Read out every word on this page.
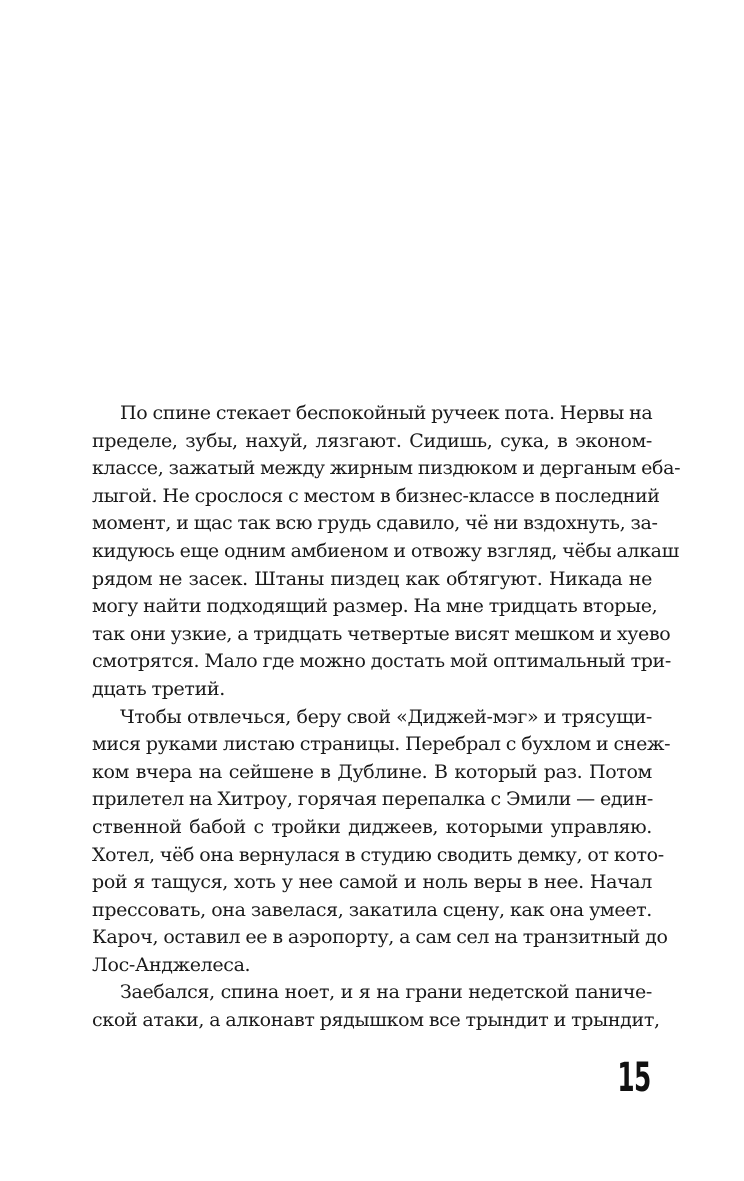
По спине стекает беспокойный ручеек пота. Нервы на
пределе, зубы, нахуй, лязгают. Сидишь, сука, в эконом-
классе, зажатый между жирным пиздюком и дерганым еба-
лыгой. Не срослося с местом в бизнес-классе в последний
момент, и щас так всю грудь сдавило, чё ни вздохнуть, за-
кидуюсь еще одним амбиеном и отвожу взгляд, чёбы алкаш
рядом не засек. Штаны пиздец как обтягуют. Никада не
могу найти подходящий размер. На мне тридцать вторые,
так они узкие, а тридцать четвертые висят мешком и хуево
смотрятся. Мало где можно достать мой оптимальный три-
дцать третий.
Чтобы отвлечься, беру свой «Диджей-мэг» и трясущи-
мися руками листаю страницы. Перебрал с бухлом и снеж-
ком вчера на сейшене в Дублине. В который раз. Потом
прилетел на Хитроу, горячая перепалка с Эмили — един-
ственной бабой с тройки диджеев, которыми управляю.
Хотел, чёб она вернулася в студию сводить демку, от кото-
рой я тащуся, хоть у нее самой и ноль веры в нее. Начал
прессовать, она завелася, закатила сцену, как она умеет.
Кароч, оставил ее в аэропорту, а сам сел на транзитный до
Лос-Анджелеса.
Заебался, спина ноет, и я на грани недетской паниче-
ской атаки, а алконавт рядышком все трындит и трындит,
15
